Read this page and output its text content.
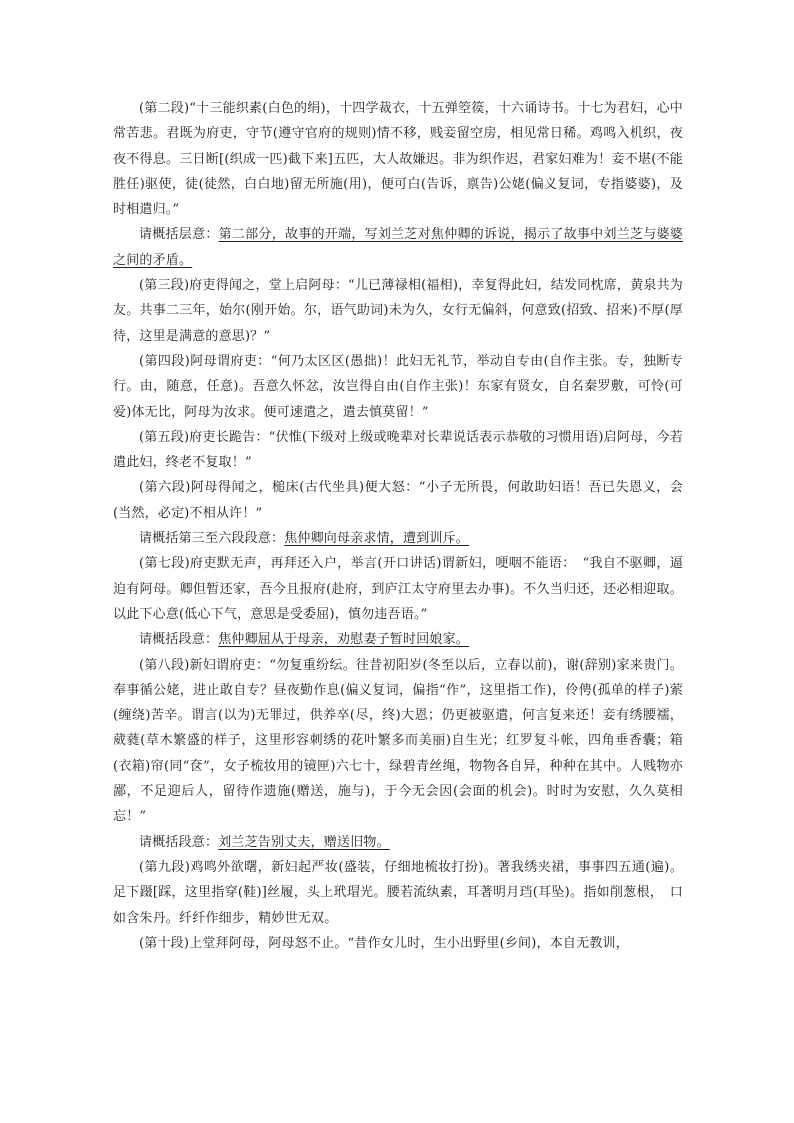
(第二段)“十三能织素(白色的绢)，十四学裁衣，十五弹箜篌，十六诵诗书。十七为君妇，心中常苦悲。君既为府吏，守节(遵守官府的规则)情不移，贱妾留空房，相见常日稀。鸡鸣入机织，夜夜不得息。三日断[(织成一匹)截下来]五匹，大人故嫌迟。非为织作迟，君家妇难为！妾不堪(不能胜任)驱使，徒(徒然，白白地)留无所施(用)，便可白(告诉，禀告)公姥(偏义复词，专指婆婆)，及时相遣归。”

请概括层意：第二部分，故事的开端，写刘兰芝对焦仲卿的诉说，揭示了故事中刘兰芝与婆婆之间的矛盾。

(第三段)府吏得闻之，堂上启阿母：“儿已薄禄相(福相)，幸复得此妇，结发同枕席，黄泉共为友。共事二三年，始尔(刚开始。尔，语气助词)未为久，女行无偏斜，何意致(招致、招来)不厚(厚待，这里是满意的意思)？”

(第四段)阿母谓府吏：“何乃太区区(愚拙)！此妇无礼节，举动自专由(自作主张。专，独断专行。由，随意，任意)。吾意久怀忿，汝岂得自由(自作主张)！东家有贤女，自名秦罗敷，可怜(可爱)体无比，阿母为汝求。便可速遣之，遣去慎莫留！”

(第五段)府吏长跪告：“伏惟(下级对上级或晚辈对长辈说话表示恭敬的习惯用语)启阿母，今若遣此妇，终老不复取！”

(第六段)阿母得闻之，槌床(古代坐具)便大怒：“小子无所畏，何敢助妇语！吾已失恩义，会(当然，必定)不相从许！”

请概括第三至六段段意：焦仲卿向母亲求情，遭到训斥。

(第七段)府吏默无声，再拜还入户，举言(开口讲话)谓新妇，哽咽不能语：　“我自不驱卿，逼迫有阿母。卿但暂还家，吾今且报府(赴府，到庐江太守府里去办事)。不久当归还，还必相迎取。以此下心意(低心下气，意思是受委屈)，慎勿违吾语。”

请概括段意：焦仲卿屈从于母亲，劝慰妻子暂时回娘家。

(第八段)新妇谓府吏：“勿复重纷纭。往昔初阳岁(冬至以后，立春以前)，谢(辞别)家来贵门。奉事循公姥，进止敢自专？昼夜勤作息(偏义复词，偏指“作”，这里指工作)，伶俜(孤单的样子)萦(缠绕)苦辛。谓言(以为)无罪过，供养卒(尽，终)大恩；仍更被驱遣，何言复来还！妾有绣腰襦，葳蕤(草木繁盛的样子，这里形容刺绣的花叶繁多而美丽)自生光；红罗复斗帐，四角垂香囊；箱(衣箱)帘(同“奁”，女子梳妆用的镜匣)六七十，绿碧青丝绳，物物各自异，种种在其中。人贱物亦鄙，不足迎后人，留待作遗施(赠送，施与)，于今无会因(会面的机会)。时时为安慰，久久莫相忘！”

请概括段意：刘兰芝告别丈夫，赠送旧物。

(第九段)鸡鸣外欲曙，新妇起严妆(盛装，仔细地梳妆打扮)。著我绣夹裙，事事四五通(遍)。足下蹑[踩，这里指穿(鞋)]丝履，头上玳瑁光。腰若流纨素，耳著明月珰(耳坠)。指如削葱根，　口如含朱丹。纤纤作细步，精妙世无双。

(第十段)上堂拜阿母，阿母怒不止。“昔作女儿时，生小出野里(乡间)，本自无教训，
